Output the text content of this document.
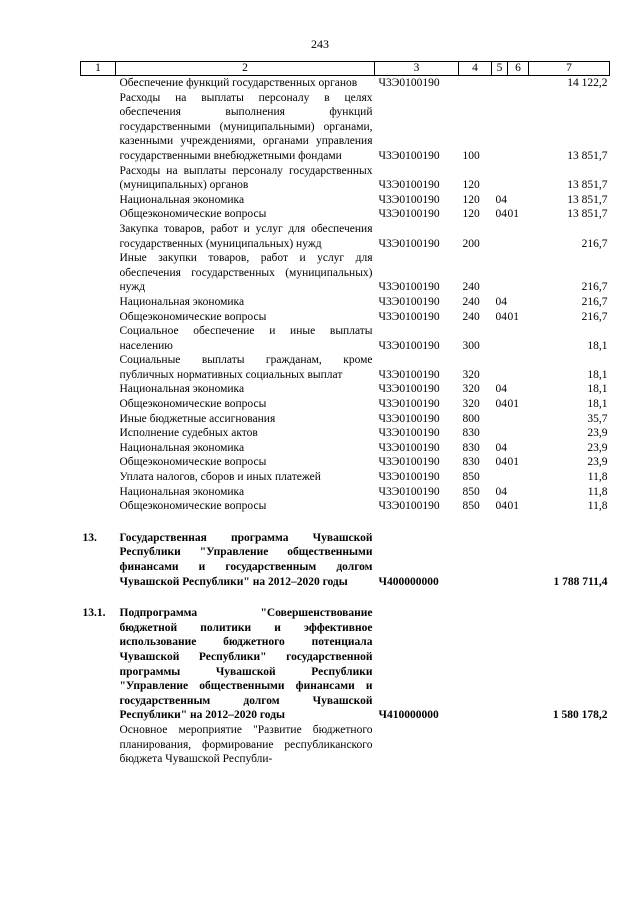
243
1	2	3	4	5	6	7
	Обеспечение функций государственных органов	Ч3Э0100190				14 122,2
	Расходы на выплаты персоналу в целях обеспечения выполнения функций государственными (муниципальными) органами, казенными учреждениями, органами управления государственными внебюджетными фондами	Ч3Э0100190	100			13 851,7
	Расходы на выплаты персоналу государственных (муниципальных) органов	Ч3Э0100190	120			13 851,7
	Национальная экономика	Ч3Э0100190	120	04		13 851,7
	Общеэкономические вопросы	Ч3Э0100190	120	04	01	13 851,7
	Закупка товаров, работ и услуг для обеспечения государственных (муниципальных) нужд	Ч3Э0100190	200			216,7
	Иные закупки товаров, работ и услуг для обеспечения государственных (муниципальных) нужд	Ч3Э0100190	240			216,7
	Национальная экономика	Ч3Э0100190	240	04		216,7
	Общеэкономические вопросы	Ч3Э0100190	240	04	01	216,7
	Социальное обеспечение и иные выплаты населению	Ч3Э0100190	300			18,1
	Социальные выплаты гражданам, кроме публичных нормативных социальных выплат	Ч3Э0100190	320			18,1
	Национальная экономика	Ч3Э0100190	320	04		18,1
	Общеэкономические вопросы	Ч3Э0100190	320	04	01	18,1
	Иные бюджетные ассигнования	Ч3Э0100190	800			35,7
	Исполнение судебных актов	Ч3Э0100190	830			23,9
	Национальная экономика	Ч3Э0100190	830	04		23,9
	Общеэкономические вопросы	Ч3Э0100190	830	04	01	23,9
	Уплата налогов, сборов и иных платежей	Ч3Э0100190	850			11,8
	Национальная экономика	Ч3Э0100190	850	04		11,8
	Общеэкономические вопросы	Ч3Э0100190	850	04	01	11,8

13.	Государственная программа Чувашской Республики "Управление общественными финансами и государственным долгом Чувашской Республики" на 2012–2020 годы	Ч400000000				1 788 711,4

13.1.	Подпрограмма "Совершенствование бюджетной политики и эффективное использование бюджетного потенциала Чувашской Республики" государственной программы Чувашской Республики "Управление общественными финансами и государственным долгом Чувашской Республики" на 2012–2020 годы	Ч410000000				1 580 178,2
	Основное мероприятие "Развитие бюджетного планирования, формирование республиканского бюджета Чувашской Республи-					
